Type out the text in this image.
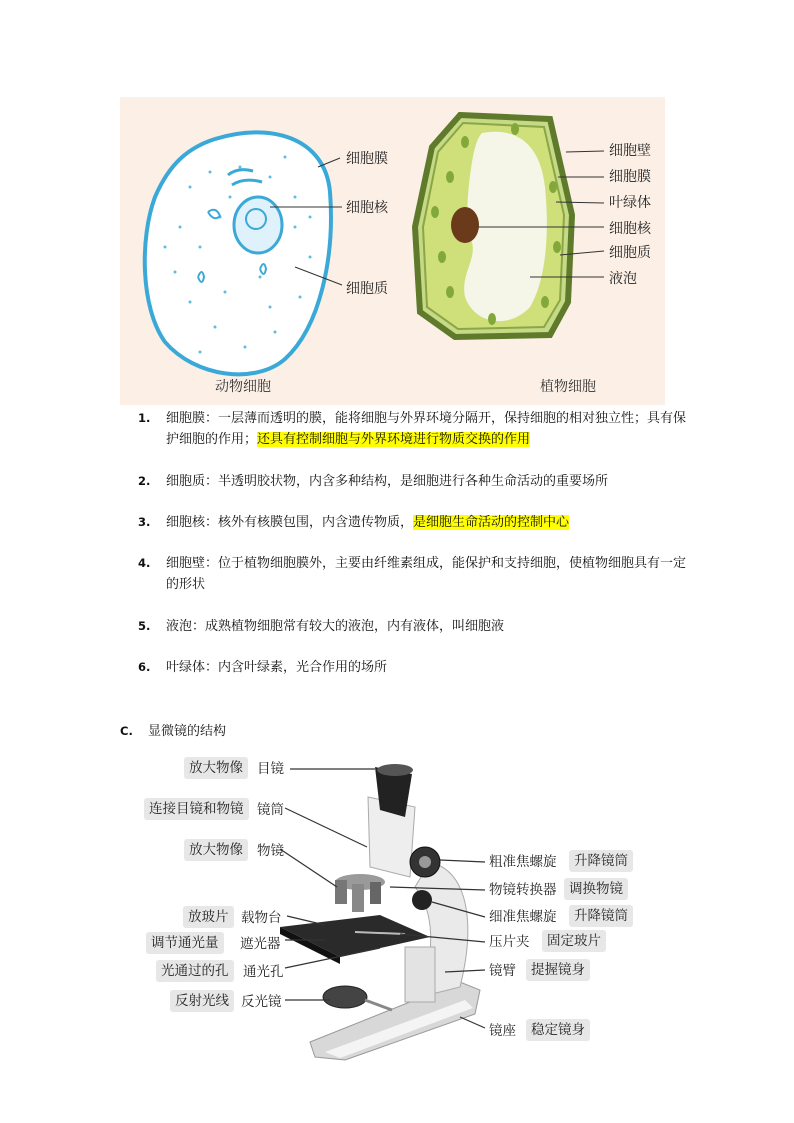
细胞膜
细胞核
细胞质
动物细胞
细胞壁
细胞膜
叶绿体
细胞核
细胞质
液泡
植物细胞
1. 细胞膜：一层薄而透明的膜，能将细胞与外界环境分隔开，保持细胞的相对独立性；具有保护细胞的作用；还具有控制细胞与外界环境进行物质交换的作用
2. 细胞质：半透明胶状物，内含多种结构，是细胞进行各种生命活动的重要场所
3. 细胞核：核外有核膜包围，内含遗传物质，是细胞生命活动的控制中心
4. 细胞壁：位于植物细胞膜外，主要由纤维素组成，能保护和支持细胞，使植物细胞具有一定的形状
5. 液泡：成熟植物细胞常有较大的液泡，内有液体，叫细胞液
6. 叶绿体：内含叶绿素，光合作用的场所
C. 显微镜的结构
放大物像	目镜
连接目镜和物镜	镜筒
放大物像	物镜
放玻片 载物台
调节通光量	遮光器
光通过的孔	通光孔
反射光线 反光镜
粗准焦螺旋	升降镜筒
物镜转换器 调换物镜
细准焦螺旋	升降镜筒
压片夹	固定玻片
镜臂	提握镜身
镜座	稳定镜身
